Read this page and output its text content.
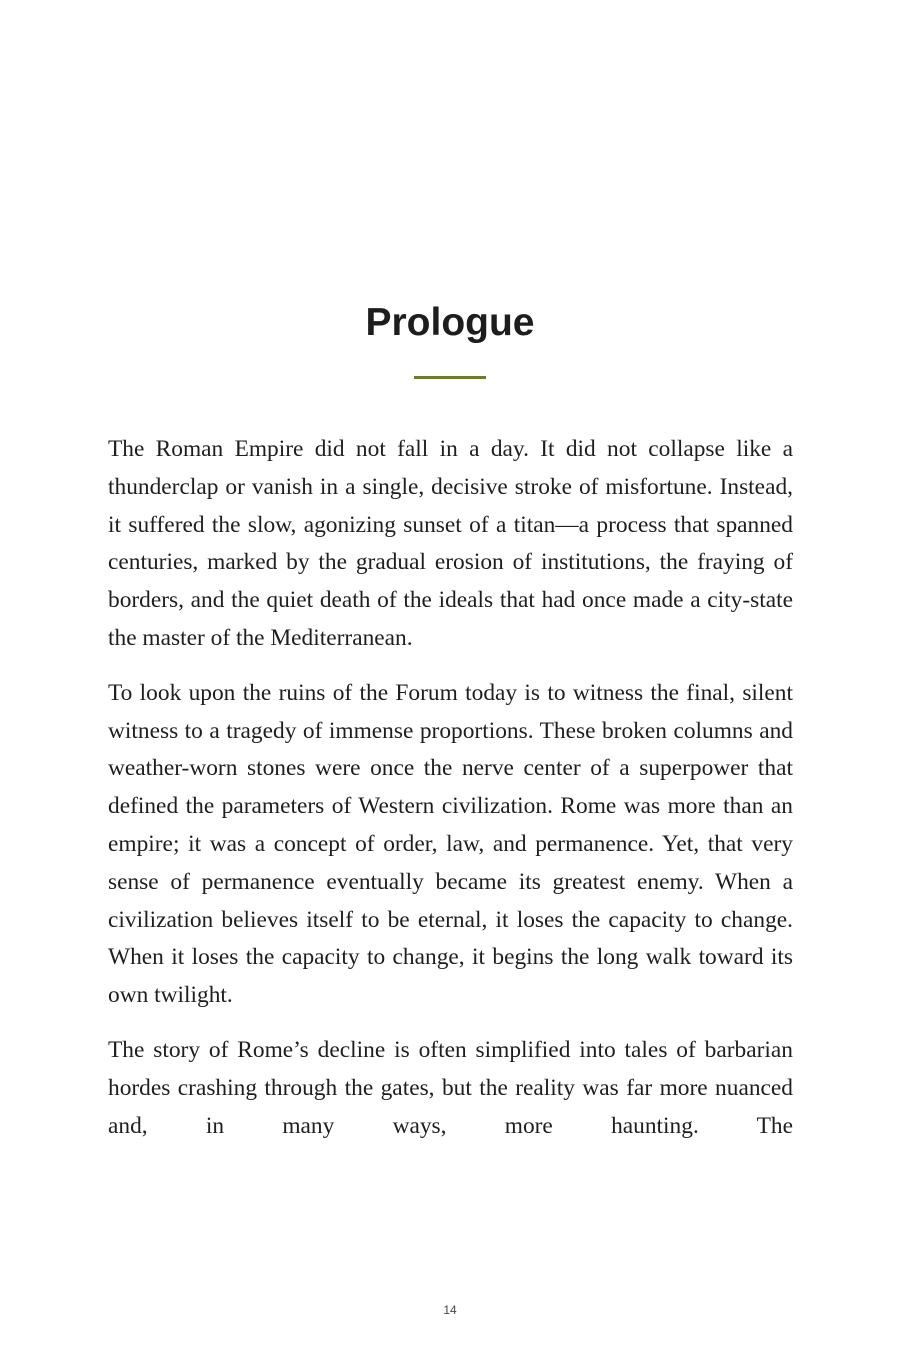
Prologue

The Roman Empire did not fall in a day. It did not collapse like a thunderclap or vanish in a single, decisive stroke of misfortune. Instead, it suffered the slow, agonizing sunset of a titan—a process that spanned centuries, marked by the gradual erosion of institutions, the fraying of borders, and the quiet death of the ideals that had once made a city-state the master of the Mediterranean.

To look upon the ruins of the Forum today is to witness the final, silent witness to a tragedy of immense proportions. These broken columns and weather-worn stones were once the nerve center of a superpower that defined the parameters of Western civilization. Rome was more than an empire; it was a concept of order, law, and permanence. Yet, that very sense of permanence eventually became its greatest enemy. When a civilization believes itself to be eternal, it loses the capacity to change. When it loses the capacity to change, it begins the long walk toward its own twilight.

The story of Rome’s decline is often simplified into tales of barbarian hordes crashing through the gates, but the reality was far more nuanced and, in many ways, more haunting. The

14
